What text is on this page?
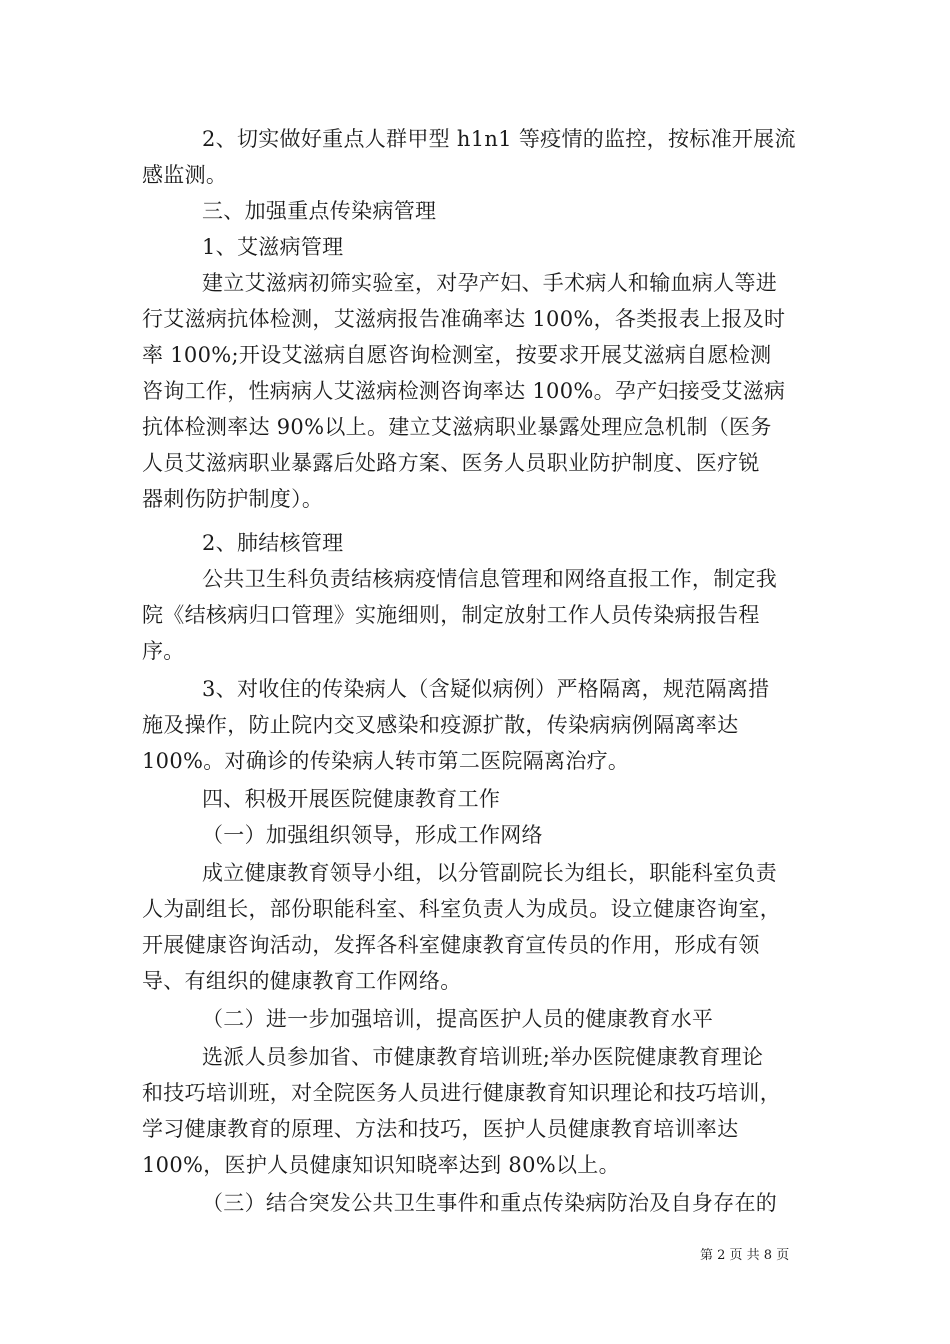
2、切实做好重点人群甲型 h1n1 等疫情的监控，按标准开展流
感监测。
三、加强重点传染病管理
1、艾滋病管理
建立艾滋病初筛实验室，对孕产妇、手术病人和输血病人等进
行艾滋病抗体检测，艾滋病报告准确率达 100%，各类报表上报及时
率 100%;开设艾滋病自愿咨询检测室，按要求开展艾滋病自愿检测
咨询工作，性病病人艾滋病检测咨询率达 100%。孕产妇接受艾滋病
抗体检测率达 90%以上。建立艾滋病职业暴露处理应急机制（医务
人员艾滋病职业暴露后处路方案、医务人员职业防护制度、医疗锐
器刺伤防护制度）。
2、肺结核管理
公共卫生科负责结核病疫情信息管理和网络直报工作，制定我
院《结核病归口管理》实施细则，制定放射工作人员传染病报告程
序。
3、对收住的传染病人（含疑似病例）严格隔离，规范隔离措
施及操作，防止院内交叉感染和疫源扩散，传染病病例隔离率达
100%。对确诊的传染病人转市第二医院隔离治疗。
四、积极开展医院健康教育工作
（一）加强组织领导，形成工作网络
成立健康教育领导小组，以分管副院长为组长，职能科室负责
人为副组长，部份职能科室、科室负责人为成员。设立健康咨询室，
开展健康咨询活动，发挥各科室健康教育宣传员的作用，形成有领
导、有组织的健康教育工作网络。
（二）进一步加强培训，提高医护人员的健康教育水平
选派人员参加省、市健康教育培训班;举办医院健康教育理论
和技巧培训班，对全院医务人员进行健康教育知识理论和技巧培训，
学习健康教育的原理、方法和技巧，医护人员健康教育培训率达
100%，医护人员健康知识知晓率达到 80%以上。
（三）结合突发公共卫生事件和重点传染病防治及自身存在的
第 2 页 共 8 页
